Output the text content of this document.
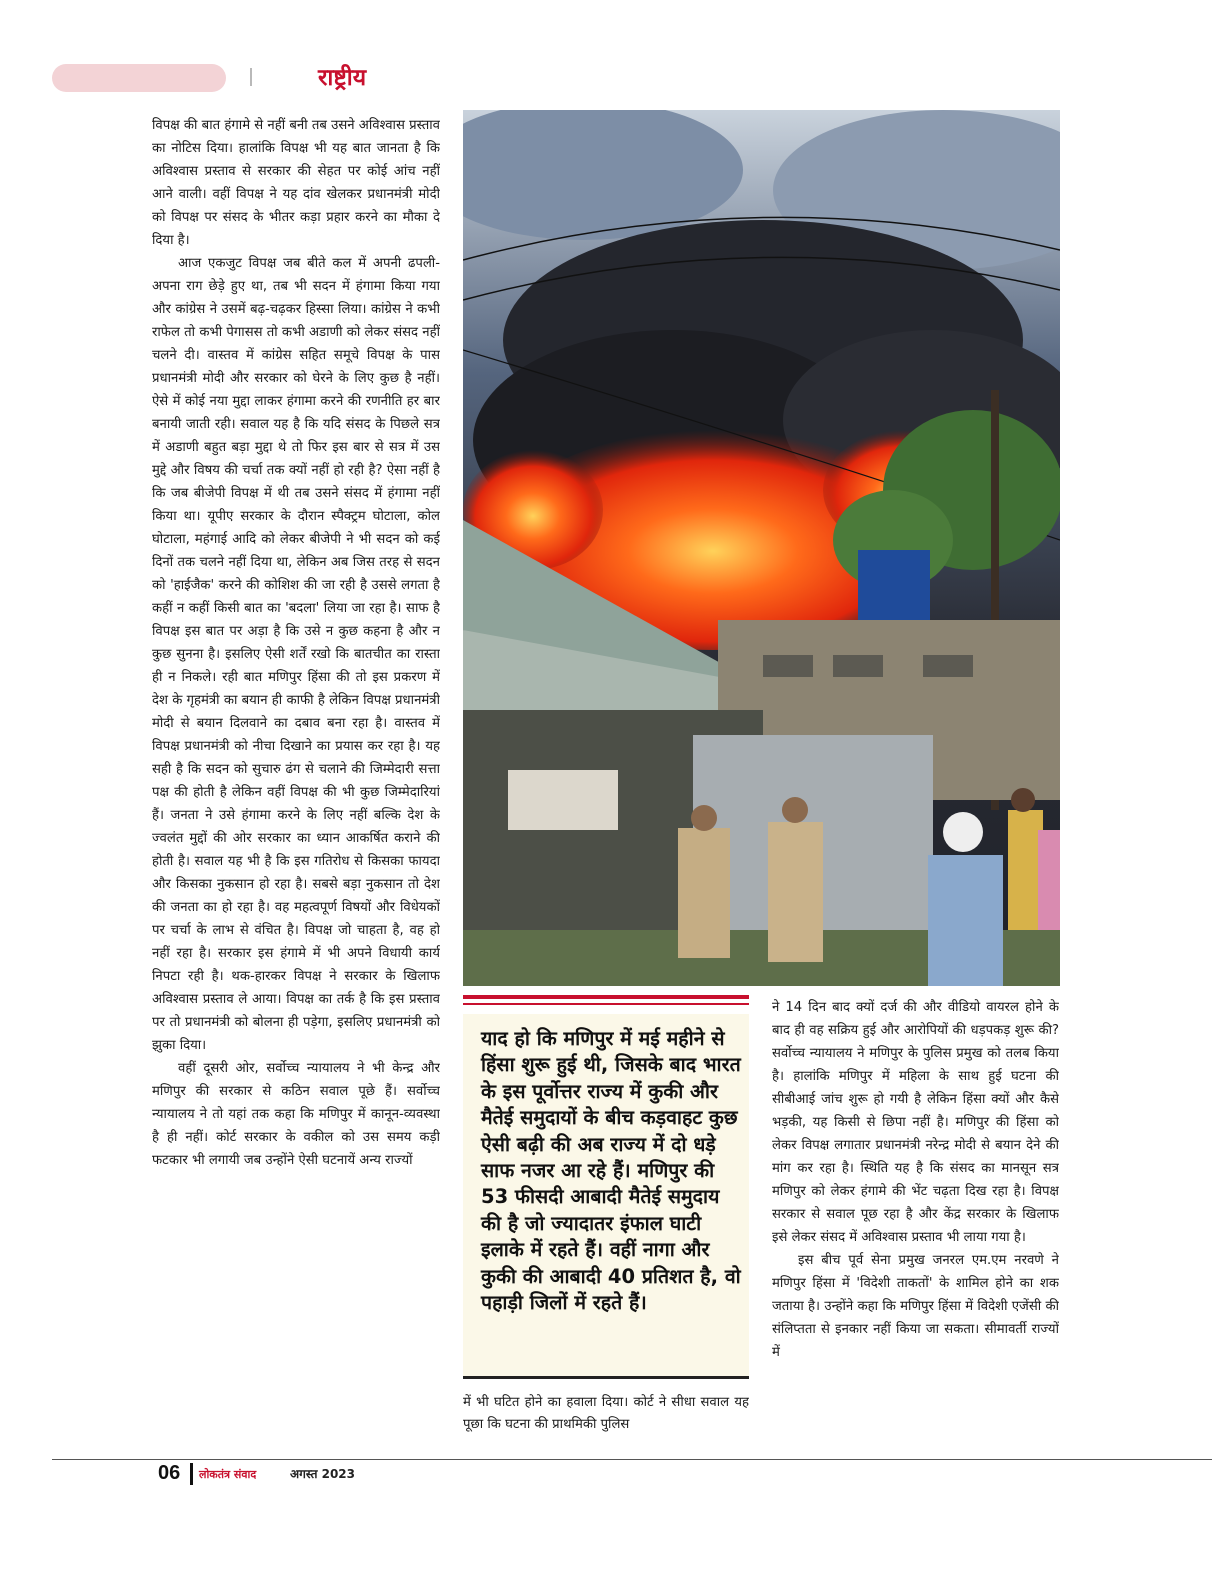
राष्ट्रीय

विपक्ष की बात हंगामे से नहीं बनी तब उसने अविश्वास प्रस्ताव का नोटिस दिया। हालांकि विपक्ष भी यह बात जानता है कि अविश्वास प्रस्ताव से सरकार की सेहत पर कोई आंच नहीं आने वाली। वहीं विपक्ष ने यह दांव खेलकर प्रधानमंत्री मोदी को विपक्ष पर संसद के भीतर कड़ा प्रहार करने का मौका दे दिया है।

आज एकजुट विपक्ष जब बीते कल में अपनी ढपली-अपना राग छेड़े हुए था, तब भी सदन में हंगामा किया गया और कांग्रेस ने उसमें बढ़-चढ़कर हिस्सा लिया। कांग्रेस ने कभी राफेल तो कभी पेगासस तो कभी अडाणी को लेकर संसद नहीं चलने दी। वास्तव में कांग्रेस सहित समूचे विपक्ष के पास प्रधानमंत्री मोदी और सरकार को घेरने के लिए कुछ है नहीं। ऐसे में कोई नया मुद्दा लाकर हंगामा करने की रणनीति हर बार बनायी जाती रही। सवाल यह है कि यदि संसद के पिछले सत्र में अडाणी बहुत बड़ा मुद्दा थे तो फिर इस बार से सत्र में उस मुद्दे और विषय की चर्चा तक क्यों नहीं हो रही है? ऐसा नहीं है कि जब बीजेपी विपक्ष में थी तब उसने संसद में हंगामा नहीं किया था। यूपीए सरकार के दौरान स्पैक्ट्रम घोटाला, कोल घोटाला, महंगाई आदि को लेकर बीजेपी ने भी सदन को कई दिनों तक चलने नहीं दिया था, लेकिन अब जिस तरह से सदन को 'हाईजैक' करने की कोशिश की जा रही है उससे लगता है कहीं न कहीं किसी बात का 'बदला' लिया जा रहा है। साफ है विपक्ष इस बात पर अड़ा है कि उसे न कुछ कहना है और न कुछ सुनना है। इसलिए ऐसी शर्तें रखो कि बातचीत का रास्ता ही न निकले। रही बात मणिपुर हिंसा की तो इस प्रकरण में देश के गृहमंत्री का बयान ही काफी है लेकिन विपक्ष प्रधानमंत्री मोदी से बयान दिलवाने का दबाव बना रहा है। वास्तव में विपक्ष प्रधानमंत्री को नीचा दिखाने का प्रयास कर रहा है। यह सही है कि सदन को सुचारु ढंग से चलाने की जिम्मेदारी सत्ता पक्ष की होती है लेकिन वहीं विपक्ष की भी कुछ जिम्मेदारियां हैं। जनता ने उसे हंगामा करने के लिए नहीं बल्कि देश के ज्वलंत मुद्दों की ओर सरकार का ध्यान आकर्षित कराने की होती है। सवाल यह भी है कि इस गतिरोध से किसका फायदा और किसका नुकसान हो रहा है। सबसे बड़ा नुकसान तो देश की जनता का हो रहा है। वह महत्वपूर्ण विषयों और विधेयकों पर चर्चा के लाभ से वंचित है। विपक्ष जो चाहता है, वह हो नहीं रहा है। सरकार इस हंगामे में भी अपने विधायी कार्य निपटा रही है। थक-हारकर विपक्ष ने सरकार के खिलाफ अविश्वास प्रस्ताव ले आया। विपक्ष का तर्क है कि इस प्रस्ताव पर तो प्रधानमंत्री को बोलना ही पड़ेगा, इसलिए प्रधानमंत्री को झुका दिया।

वहीं दूसरी ओर, सर्वोच्च न्यायालय ने भी केन्द्र और मणिपुर की सरकार से कठिन सवाल पूछे हैं। सर्वोच्च न्यायालय ने तो यहां तक कहा कि मणिपुर में कानून-व्यवस्था है ही नहीं। कोर्ट सरकार के वकील को उस समय कड़ी फटकार भी लगायी जब उन्होंने ऐसी घटनायें अन्य राज्यों

याद हो कि मणिपुर में मई महीने से हिंसा शुरू हुई थी, जिसके बाद भारत के इस पूर्वोत्तर राज्य में कुकी और मैतेई समुदायों के बीच कड़वाहट कुछ ऐसी बढ़ी की अब राज्य में दो धड़े साफ नजर आ रहे हैं। मणिपुर की 53 फीसदी आबादी मैतेई समुदाय की है जो ज्यादातर इंफाल घाटी इलाके में रहते हैं। वहीं नागा और कुकी की आबादी 40 प्रतिशत है, वो पहाड़ी जिलों में रहते हैं।

में भी घटित होने का हवाला दिया। कोर्ट ने सीधा सवाल यह पूछा कि घटना की प्राथमिकी पुलिस

ने 14 दिन बाद क्यों दर्ज की और वीडियो वायरल होने के बाद ही वह सक्रिय हुई और आरोपियों की धड़पकड़ शुरू की? सर्वोच्च न्यायालय ने मणिपुर के पुलिस प्रमुख को तलब किया है। हालांकि मणिपुर में महिला के साथ हुई घटना की सीबीआई जांच शुरू हो गयी है लेकिन हिंसा क्यों और कैसे भड़की, यह किसी से छिपा नहीं है। मणिपुर की हिंसा को लेकर विपक्ष लगातार प्रधानमंत्री नरेन्द्र मोदी से बयान देने की मांग कर रहा है। स्थिति यह है कि संसद का मानसून सत्र मणिपुर को लेकर हंगामे की भेंट चढ़ता दिख रहा है। विपक्ष सरकार से सवाल पूछ रहा है और केंद्र सरकार के खिलाफ इसे लेकर संसद में अविश्वास प्रस्ताव भी लाया गया है।

इस बीच पूर्व सेना प्रमुख जनरल एम.एम नरवणे ने मणिपुर हिंसा में 'विदेशी ताकतों' के शामिल होने का शक जताया है। उन्होंने कहा कि मणिपुर हिंसा में विदेशी एजेंसी की संलिप्तता से इनकार नहीं किया जा सकता। सीमावर्ती राज्यों में

06 लोकतंत्र संवाद	अगस्त 2023
